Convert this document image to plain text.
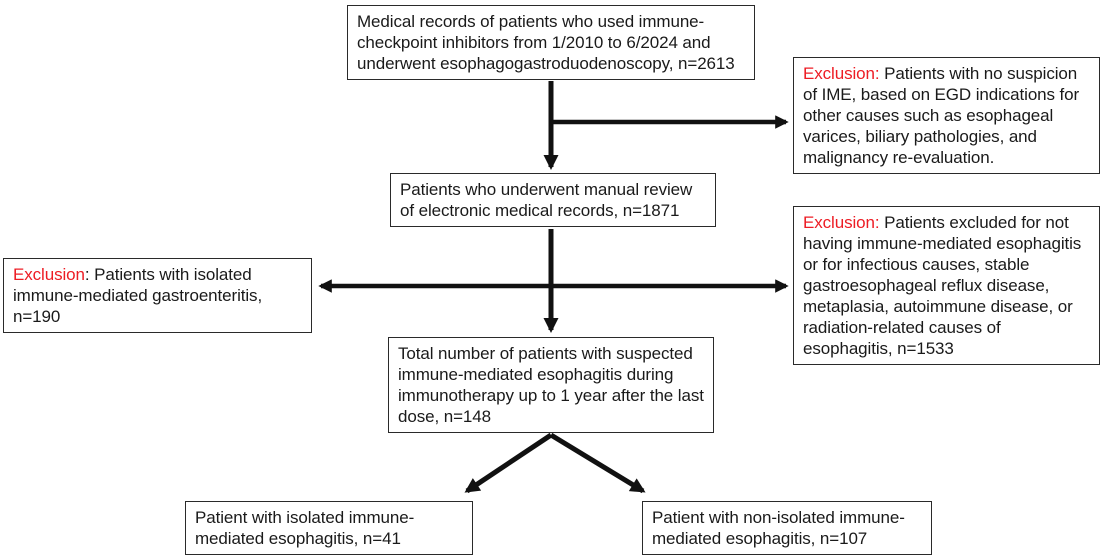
Medical records of patients who used immune-checkpoint inhibitors from 1/2010 to 6/2024 and underwent esophagogastroduodenoscopy, n=2613
Exclusion: Patients with no suspicion of IME, based on EGD indications for other causes such as esophageal varices, biliary pathologies, and malignancy re-evaluation.
Patients who underwent manual review of electronic medical records, n=1871
Exclusion: Patients excluded for not having immune-mediated esophagitis or for infectious causes, stable gastroesophageal reflux disease, metaplasia, autoimmune disease, or radiation-related causes of esophagitis, n=1533
Exclusion: Patients with isolated immune-mediated gastroenteritis, n=190
Total number of patients with suspected immune-mediated esophagitis during immunotherapy up to 1 year after the last dose, n=148
Patient with isolated immune-mediated esophagitis, n=41
Patient with non-isolated immune-mediated esophagitis, n=107
